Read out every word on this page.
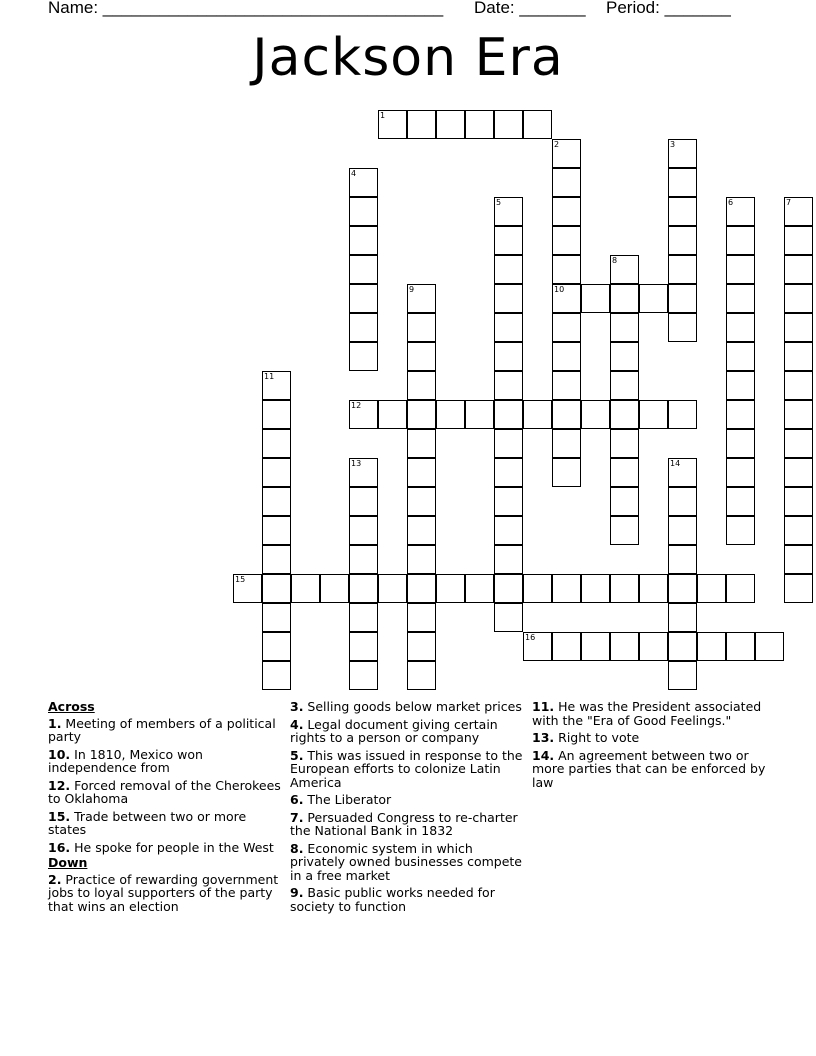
Name: ____________________________________ Date: _______ Period: _______
Jackson Era
1
2
10
3
4
5	6	7
8
9
11
12
13	14
15
16
Across
1. Meeting of members of a political party
10. In 1810, Mexico won independence from
12. Forced removal of the Cherokees to Oklahoma
15. Trade between two or more states
16. He spoke for people in the West
Down
2. Practice of rewarding government jobs to loyal supporters of the party that wins an election
3. Selling goods below market prices
4. Legal document giving certain rights to a person or company
5. This was issued in response to the European efforts to colonize Latin America
6. The Liberator
7. Persuaded Congress to re-charter the National Bank in 1832
8. Economic system in which privately owned businesses compete in a free market
9. Basic public works needed for society to function
11. He was the President associated with the "Era of Good Feelings."
13. Right to vote
14. An agreement between two or more parties that can be enforced by law
